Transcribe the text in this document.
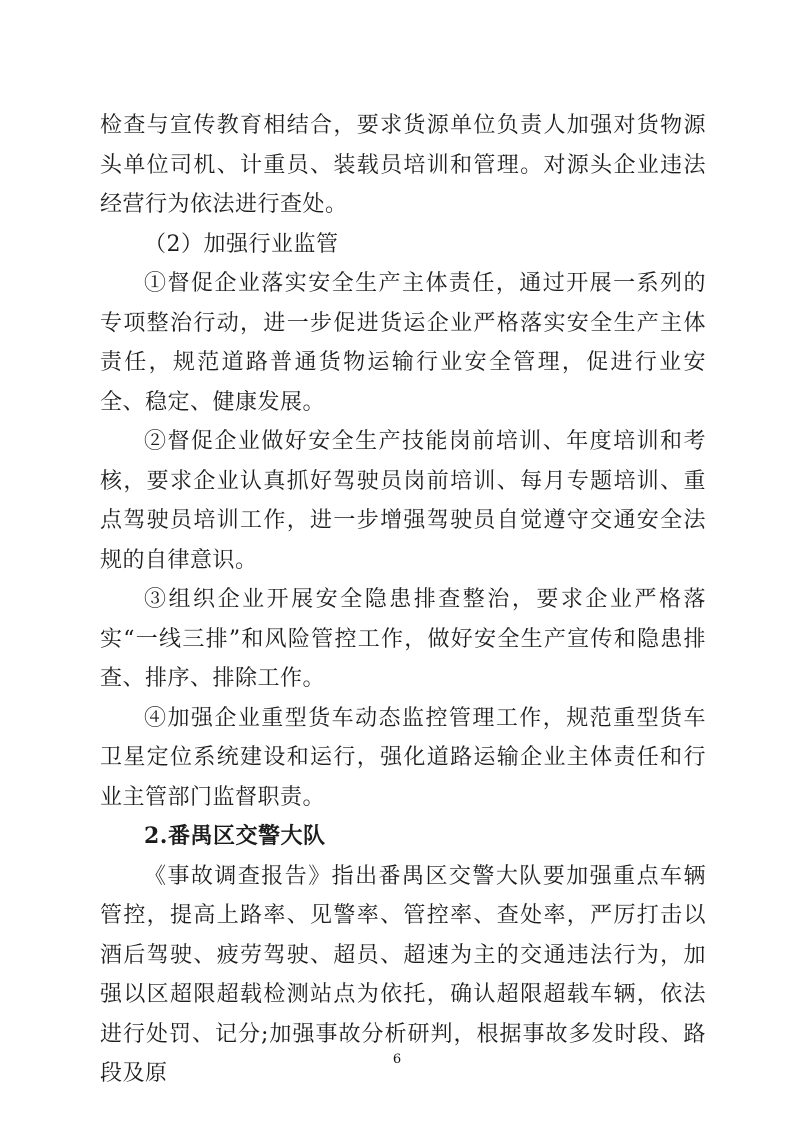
检查与宣传教育相结合，要求货源单位负责人加强对货物源头单位司机、计重员、装载员培训和管理。对源头企业违法经营行为依法进行查处。

（2）加强行业监管

①督促企业落实安全生产主体责任，通过开展一系列的专项整治行动，进一步促进货运企业严格落实安全生产主体责任，规范道路普通货物运输行业安全管理，促进行业安全、稳定、健康发展。

②督促企业做好安全生产技能岗前培训、年度培训和考核，要求企业认真抓好驾驶员岗前培训、每月专题培训、重点驾驶员培训工作，进一步增强驾驶员自觉遵守交通安全法规的自律意识。

③组织企业开展安全隐患排查整治，要求企业严格落实“一线三排”和风险管控工作，做好安全生产宣传和隐患排查、排序、排除工作。

④加强企业重型货车动态监控管理工作，规范重型货车卫星定位系统建设和运行，强化道路运输企业主体责任和行业主管部门监督职责。

2.番禺区交警大队

《事故调查报告》指出番禺区交警大队要加强重点车辆管控，提高上路率、见警率、管控率、查处率，严厉打击以酒后驾驶、疲劳驾驶、超员、超速为主的交通违法行为，加强以区超限超载检测站点为依托，确认超限超载车辆，依法进行处罚、记分;加强事故分析研判，根据事故多发时段、路段及原

6
